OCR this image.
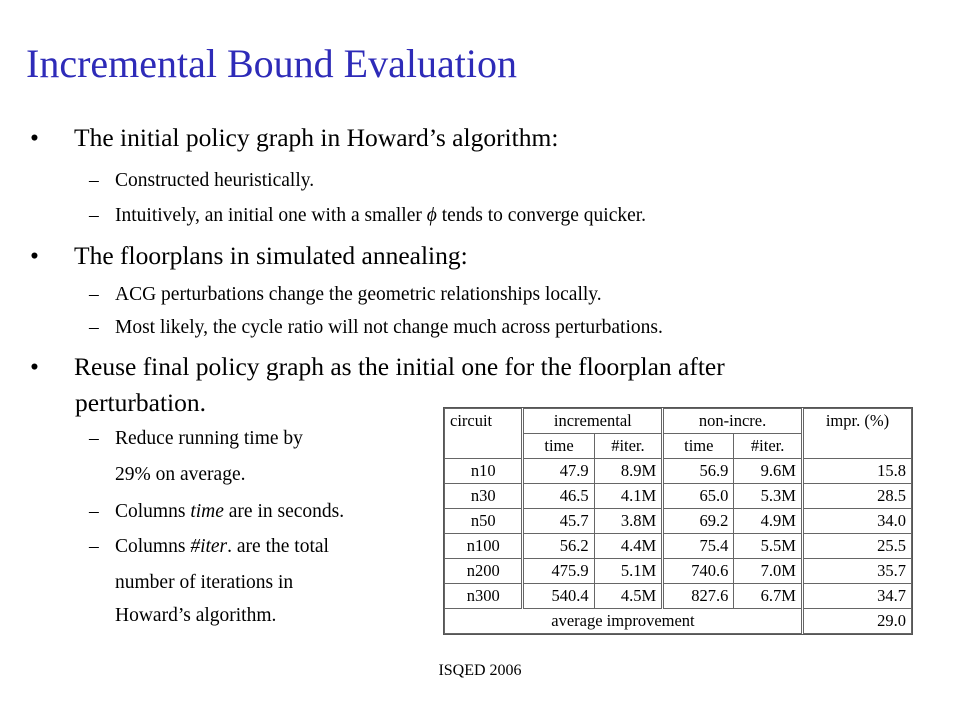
Incremental Bound Evaluation
• The initial policy graph in Howard’s algorithm:
– Constructed heuristically.
– Intuitively, an initial one with a smaller ϕ tends to converge quicker.
• The floorplans in simulated annealing:
– ACG perturbations change the geometric relationships locally.
– Most likely, the cycle ratio will not change much across perturbations.
• Reuse final policy graph as the initial one for the floorplan after
perturbation.
– Reduce running time by
29% on average.
– Columns time are in seconds.
– Columns #iter. are the total
number of iterations in
Howard’s algorithm.
circuit	incremental		non-incre.		impr. (%)
	time	#iter.	time	#iter.	
n10	47.9	8.9M	56.9	9.6M	15.8
n30	46.5	4.1M	65.0	5.3M	28.5
n50	45.7	3.8M	69.2	4.9M	34.0
n100	56.2	4.4M	75.4	5.5M	25.5
n200	475.9	5.1M	740.6	7.0M	35.7
n300	540.4	4.5M	827.6	6.7M	34.7
average improvement					29.0
ISQED 2006
